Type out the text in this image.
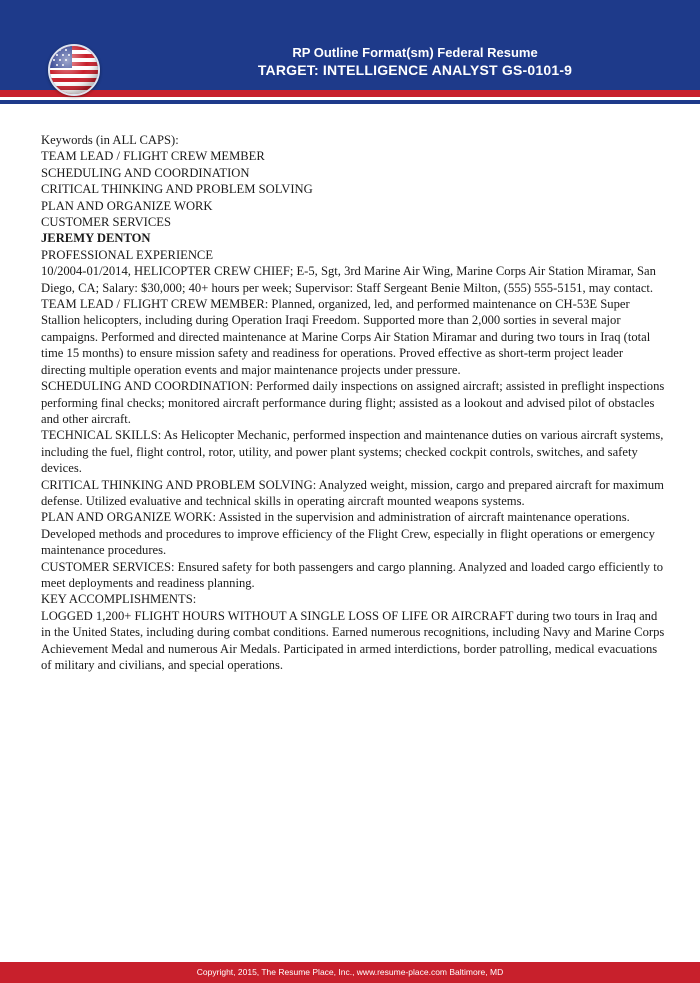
RP Outline Format(sm) Federal Resume
TARGET: INTELLIGENCE ANALYST GS-0101-9

Keywords (in ALL CAPS):

TEAM LEAD / FLIGHT CREW MEMBER

SCHEDULING AND COORDINATION

CRITICAL THINKING AND PROBLEM SOLVING

PLAN AND ORGANIZE WORK

CUSTOMER SERVICES

JEREMY DENTON

PROFESSIONAL EXPERIENCE

10/2004-01/2014, HELICOPTER CREW CHIEF; E-5, Sgt, 3rd Marine Air Wing, Marine Corps Air Station Miramar, San Diego, CA; Salary: $30,000; 40+ hours per week; Supervisor: Staff Sergeant Benie Milton, (555) 555-5151, may contact.

TEAM LEAD / FLIGHT CREW MEMBER: Planned, organized, led, and performed maintenance on CH-53E Super Stallion helicopters, including during Operation Iraqi Freedom. Supported more than 2,000 sorties in several major campaigns. Performed and directed maintenance at Marine Corps Air Station Miramar and during two tours in Iraq (total time 15 months) to ensure mission safety and readiness for operations. Proved effective as short-term project leader directing multiple operation events and major maintenance projects under pressure.

SCHEDULING AND COORDINATION: Performed daily inspections on assigned aircraft; assisted in preflight inspections performing final checks; monitored aircraft performance during flight; assisted as a lookout and advised pilot of obstacles and other aircraft.

TECHNICAL SKILLS: As Helicopter Mechanic, performed inspection and maintenance duties on various aircraft systems, including the fuel, flight control, rotor, utility, and power plant systems; checked cockpit controls, switches, and safety devices.

CRITICAL THINKING AND PROBLEM SOLVING: Analyzed weight, mission, cargo and prepared aircraft for maximum defense. Utilized evaluative and technical skills in operating aircraft mounted weapons systems.

PLAN AND ORGANIZE WORK: Assisted in the supervision and administration of aircraft maintenance operations. Developed methods and procedures to improve efficiency of the Flight Crew, especially in flight operations or emergency maintenance procedures.

CUSTOMER SERVICES: Ensured safety for both passengers and cargo planning. Analyzed and loaded cargo efficiently to meet deployments and readiness planning.

KEY ACCOMPLISHMENTS:

LOGGED 1,200+ FLIGHT HOURS WITHOUT A SINGLE LOSS OF LIFE OR AIRCRAFT during two tours in Iraq and in the United States, including during combat conditions. Earned numerous recognitions, including Navy and Marine Corps Achievement Medal and numerous Air Medals. Participated in armed interdictions, border patrolling, medical evacuations of military and civilians, and special operations.

Copyright, 2015, The Resume Place, Inc., www.resume-place.com Baltimore, MD
